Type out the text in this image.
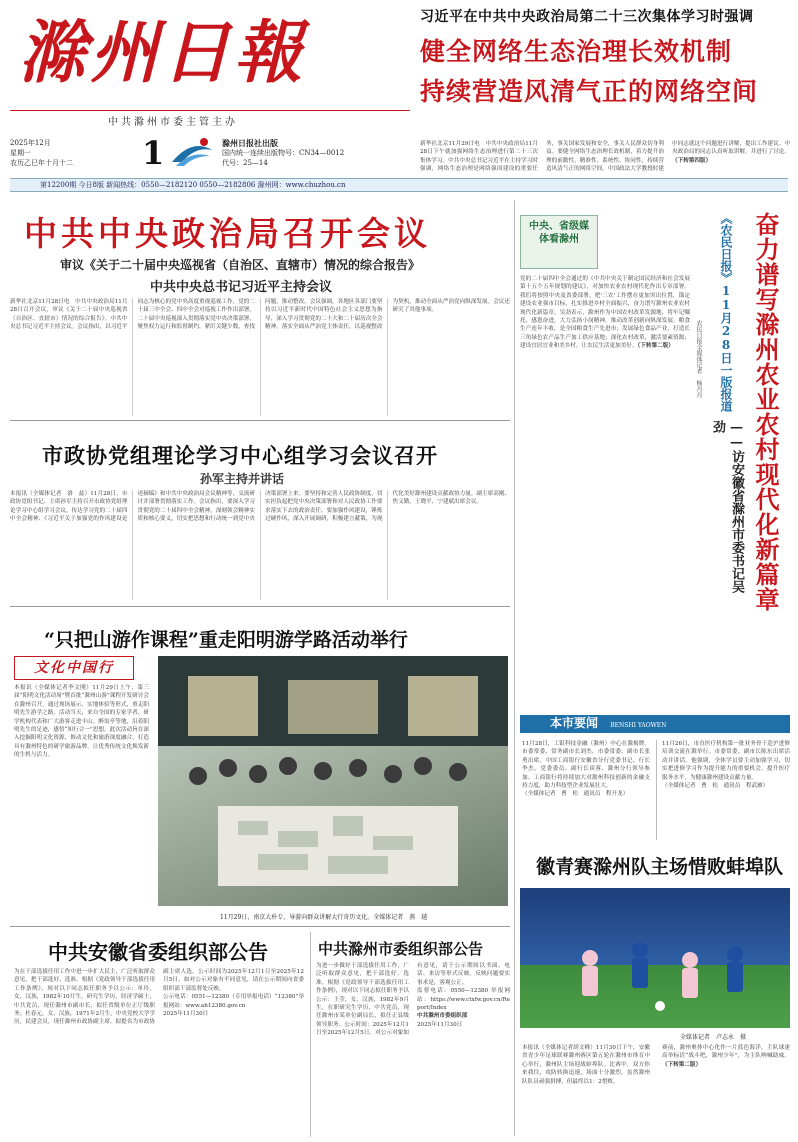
滁州日報
中共滁州市委主管主办
2025年12月
星期一
农历乙巳年十月十二 1	滁州日报社出版
国内统一连续出版物号：CN34—0012
代号：25—14
第12200期 今日8版 新闻热线：0550—2182120 0550—2182806 滁州网：www.chuzhou.cn
习近平在中共中央政治局第二十三次集体学习时强调
健全网络生态治理长效机制
持续营造风清气正的网络空间
新华社北京11月29日电　中共中央政治局11月28日下午就加强网络生态治理进行第二十三次集体学习。中共中央总书记习近平在主持学习时强调，网络生态治理是网络强国建设的重要任务，事关国家发展和安全，事关人民群众切身利益。要健全网络生态治理长效机制，着力提升治理的前瞻性、精准性、系统性、协同性，持续营造风清气正的网络空间。中国政法大学教授时建中同志就这个问题进行讲解，提出工作建议。中央政治局的同志认真听取讲解，并进行了讨论。（下转第四版）
中共中央政治局召开会议
审议《关于二十届中央巡视省（自治区、直辖市）情况的综合报告》
中共中央总书记习近平主持会议
新华社北京11月28日电　中共中央政治局11月28日召开会议，审议《关于二十届中央巡视省（自治区、直辖市）情况的综合报告》。中共中央总书记习近平主持会议。会议指出，以习近平同志为核心的党中央高度重视巡视工作，党的二十届三中全会、四中全会对巡视工作作出部署。二十届中央巡视深入贯彻落实党中央决策部署，聚焦权力运行和监督制约，紧盯关键少数，查找问题，推动整改。会议强调，各地区各部门要坚持以习近平新时代中国特色社会主义思想为指导，深入学习贯彻党的二十大和二十届历次全会精神，落实全面从严治党主体责任，以巡视整改为契机，推动全面从严治党向纵深发展。会议还研究了其他事项。
中央、省级媒体看滁州
党的二十届四中全会通过的《中共中央关于制定国民经济和社会发展第十五个五年规划的建议》，对加快农业农村现代化作出专章部署。我们将按照中央及省委部署，把'三农'工作摆在更加突出位置，锚定建设农业强市目标，扎实推进乡村全面振兴，奋力谱写滁州农业农村现代化新篇章。吴劲表示，滁州作为中国农村改革发源地，将牢记嘱托、感恩奋进，大力弘扬小岗精神，推动改革创新向纵深发展。粮食生产连年丰收，是全国粮食生产先进市；发展绿色食品产业，打造长三角绿色农产品生产加工供应基地；深化农村改革，激活要素资源；建设宜居宜业和美乡村，让农民生活更加美好。（下转第二版）	奋力谱写滁州农业农村现代化新篇章
《农民日报》11月28日一版报道
——访安徽省滁州市委书记吴劲
农民日报全媒体记者　杨丹丹
市政协党组理论学习中心组学习会议召开
孙军主持并讲话
本报讯（全媒体记者　洛　兹）11月28日，市政协党组书记、主席孙军主持召开市政协党组理论学习中心组学习会议，传达学习党的二十届四中全会精神、《习近平关于加强党的作风建设论述摘编》和中共中央政治局会议精神等，交流研讨并部署贯彻落实工作。会议指出，要深入学习贯彻党的二十届四中全会精神，深刻领会精神实质和核心要义，切实把思想和行动统一到党中央决策部署上来。要坚持和完善人民政协制度，切实担负起把党中央决策部署和对人民政协工作要求落实下去的政治责任。要加强作风建设，锤炼过硬作风，深入开展调研，积极建言献策，为现代化美好滁州建设贡献政协力量。副主席高刚、焦义勤、王晓平、宁建斌出席会议。
“只把山游作课程”重走阳明游学路活动举行
文化中国行
本报讯（全媒体记者李文刚）11月29日上午，第三届“阳明文化活动周”暨首批“滁州山游”课程开发研讨会在滁州召开，通过现场展示、实地体验等形式，重走阳明先生游学之路。活动当天，来自全国的专家学者、研学机构代表和广大游客走进丰山、醉翁亭等地，沿着阳明先生的足迹，感悟“知行合一”思想。此次活动旨在深入挖掘阳明文化资源，推动文化和旅游深度融合，打造具有滁州特色的研学旅游品牌，让优秀传统文化焕发新的生机与活力。
11月29日，南京大朴专、导游向群众讲解大行奇历文化。全媒体记者　燕　越
本市要闻 BENSHI YAOWEN
11月28日，工银科技金融（滁州）中心在滁揭牌。市委常委、常务副市长刘杰，市委常委、副市长张勇出席。中国工商银行安徽省分行党委书记、行长李杰，党委委员、副行长谈蓉、滁州分行领导参加。工商银行将持续加大对滁州科技创新的金融支持力度，助力科技型企业发展壮大。
（全媒体记者　曹　松　通讯员　程开龙）
11月26日，市直医疗机构第一批业务骨干赴沪进修培训交流在滁举行。市委常委、副市长陈东出席活动并讲话。他强调，全体学员要主动加强学习，切实把进修学习作为提升能力的重要机会，提升医疗服务水平，为健康滁州建设贡献力量。
（全媒体记者　曹　松　通讯员　程武雁）
徽青赛滁州队主场惜败蚌埠队
全媒体记者　卢志永　摄
本报讯（全媒体记者胡文峰）11月30日下午，安徽省青少年足球联赛滁州赛区第五轮在滁州市体育中心举行，滁州队主场迎战蚌埠队。比赛中，双方你来我往，攻防转换迅速，场面十分激烈。虽然滁州队队员顽强拼搏，但最终以1：2惜败。
赛前，滁州奥体中心化作一片蓝色海洋，主队球迷高举标语“战斗吧，滁州少年”，为主队呐喊助威。（下转第二版）
中共安徽省委组织部公告
为在干部选拔任用工作中进一步扩大民主，广泛听取群众意见，把干部选好、选准，根据《党政领导干部选拔任用工作条例》，现对以下同志拟任职务予以公示：单玲，女，汉族，1982年10月生，研究生学历，经济学硕士，中共党员，现任滁州市副市长，拟任省级单位正厅级职务；杜春元，女，汉族，1971年2月生，中央党校大学学历，民建会员，现任滁州市政协副主席，拟提名为市政协副主席人选。公示时间为2025年12月1日至2025年12月5日。如对公示对象有不同意见，请在公示期间向省委组织部干部监督处反映。
公示电话：0551—12380（专用举报电话）“12380”举报网站：www.ah12380.gov.cn
2025年11月30日
中共滁州市委组织部公告
为进一步做好干部选拔任用工作，广泛听取群众意见，把干部选好、选准，根据《党政领导干部选拔任用工作条例》，现对以下同志拟任职务予以公示：王莹，女，汉族，1982年9月生，在职研究生学历，中共党员，现任滁州市某单位副局长，拟任正县级领导职务。公示时间：2025年12月1日至2025年12月5日。对公示对象如有意见，请于公示期间以书面、电话、来访等形式反映。反映问题要实事求是，客观公正。
监督电话：0550—12380 举报网站：https://www.ctxfw.gov.cn/Report/Index
中共滁州市委组织部
2025年11月30日
